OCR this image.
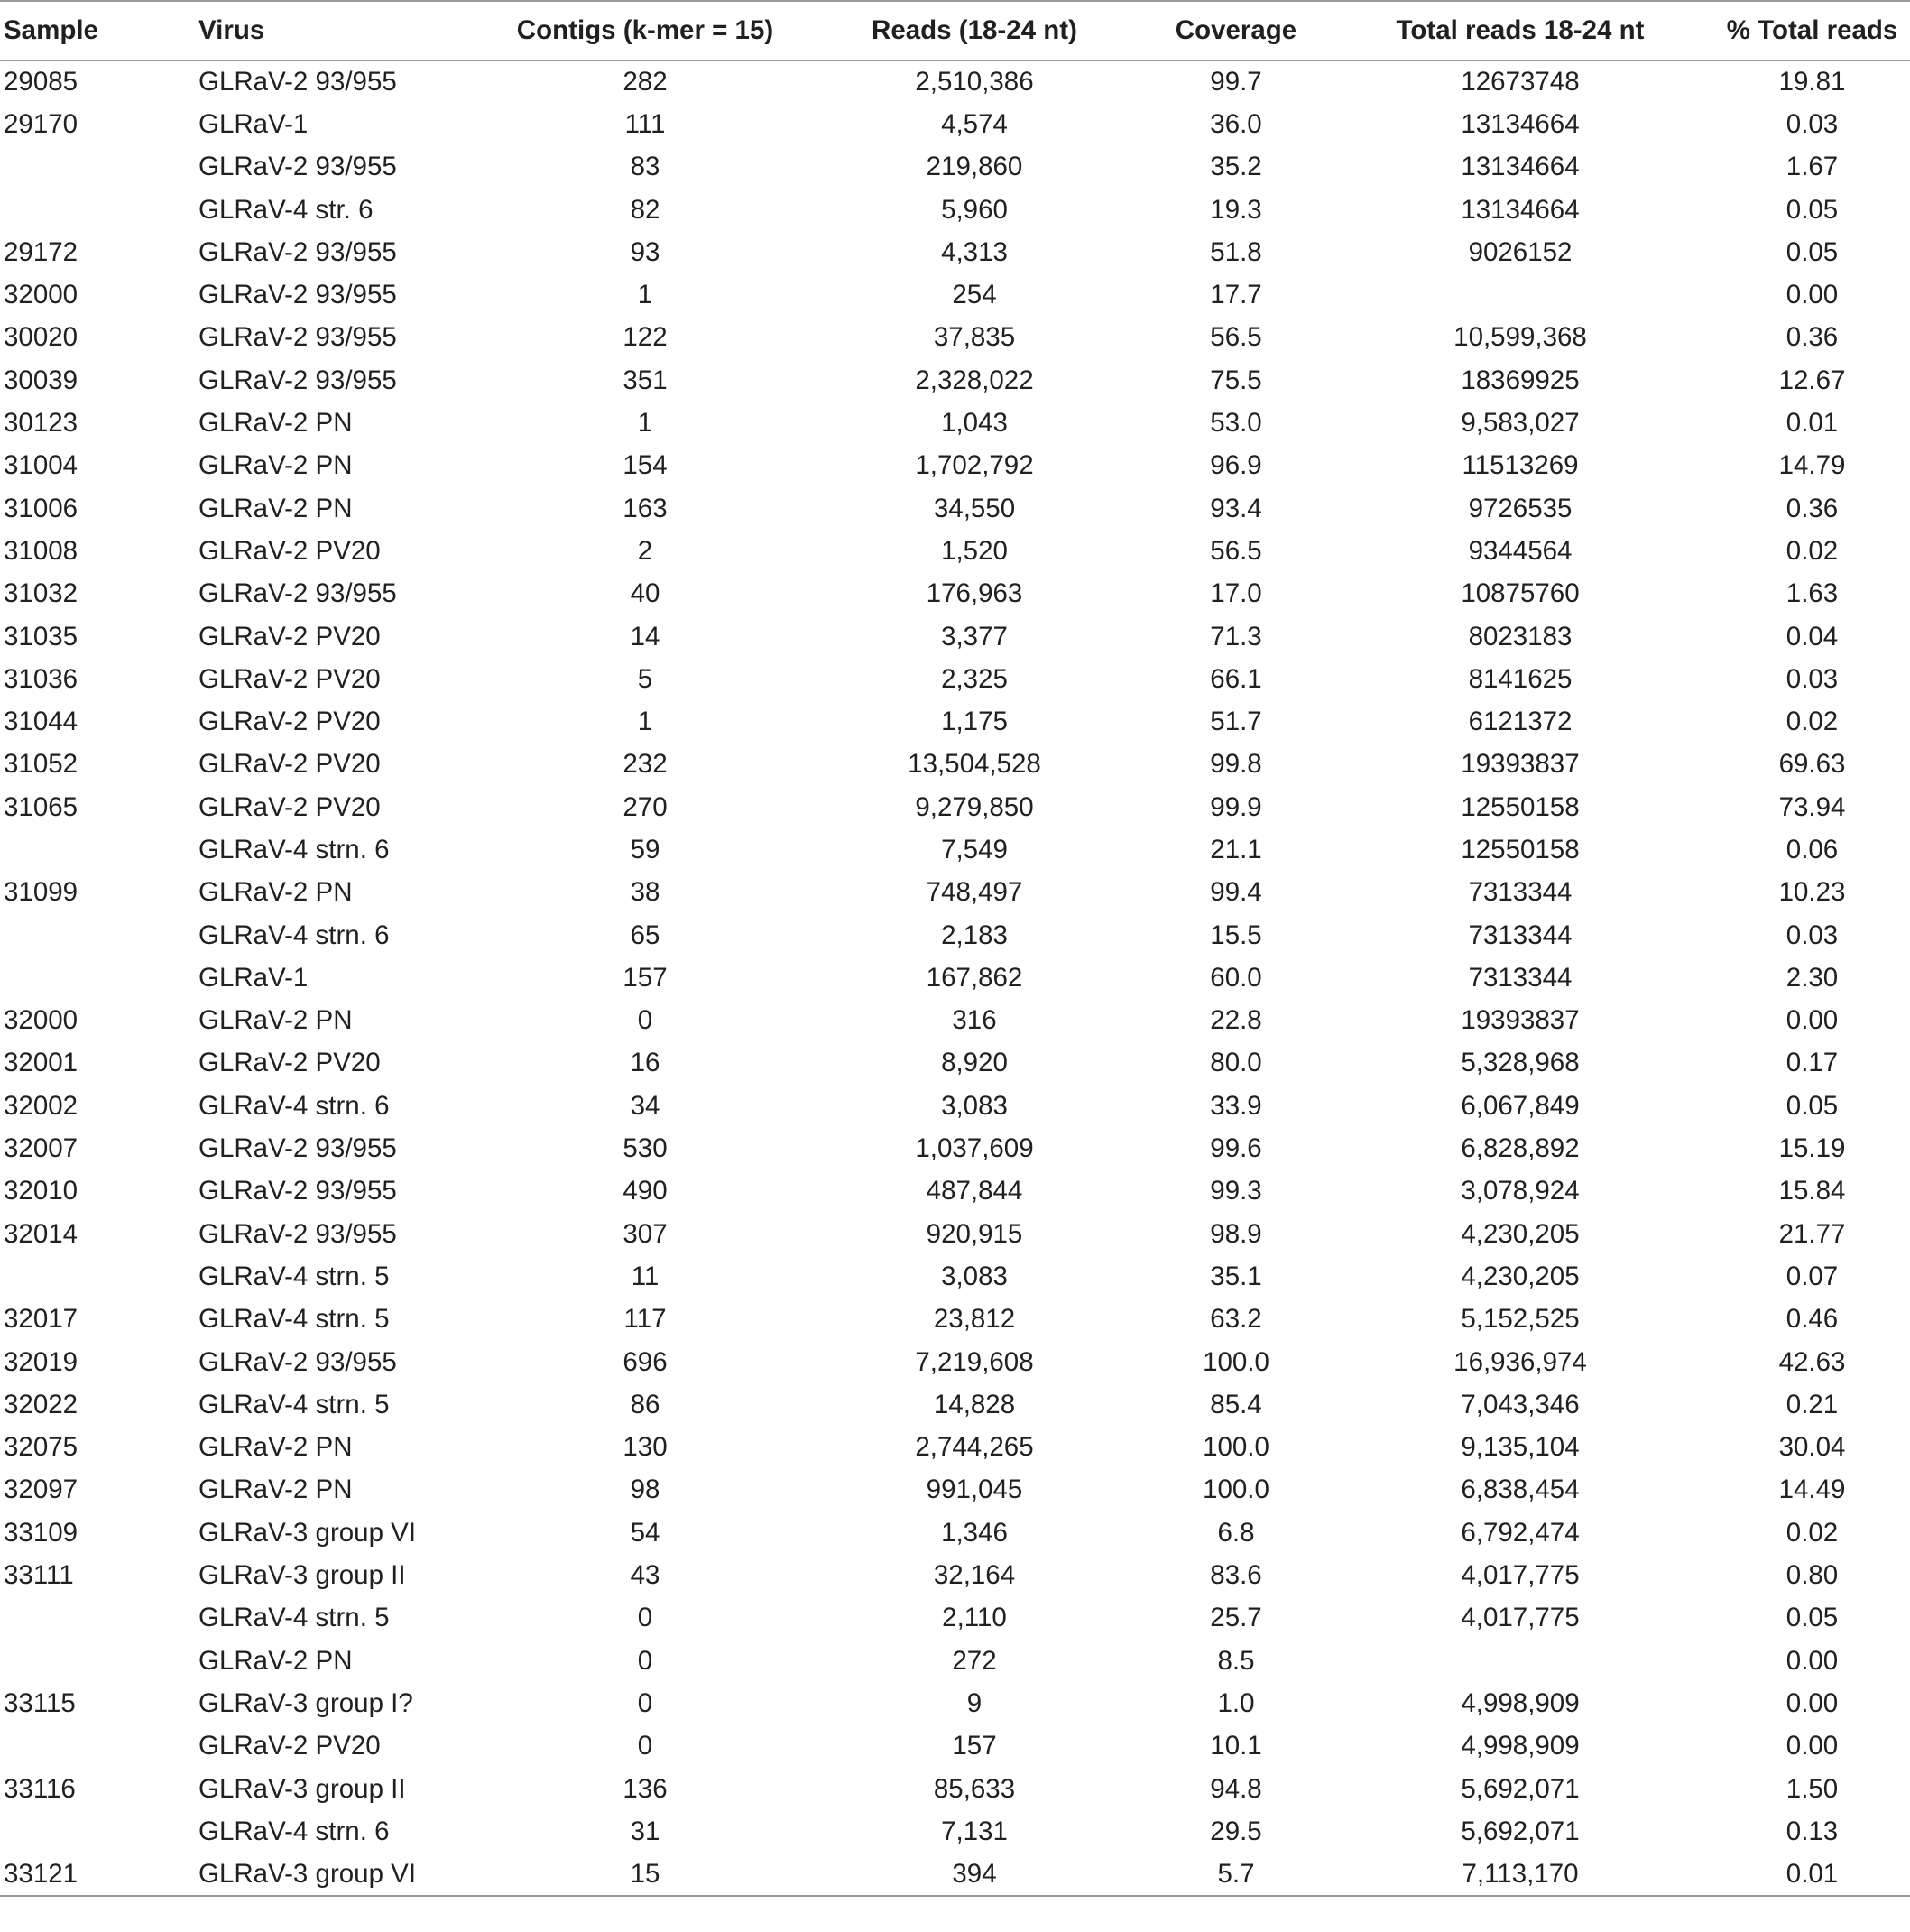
Sample	Virus	Contigs (k-mer = 15)	Reads (18-24 nt)	Coverage	Total reads 18-24 nt	% Total reads
29085	GLRaV-2 93/955	282	2,510,386	99.7	12673748	19.81
29170	GLRaV-1	111	4,574	36.0	13134664	0.03
	GLRaV-2 93/955	83	219,860	35.2	13134664	1.67
	GLRaV-4 str. 6	82	5,960	19.3	13134664	0.05
29172	GLRaV-2 93/955	93	4,313	51.8	9026152	0.05
32000	GLRaV-2 93/955	1	254	17.7		0.00
30020	GLRaV-2 93/955	122	37,835	56.5	10,599,368	0.36
30039	GLRaV-2 93/955	351	2,328,022	75.5	18369925	12.67
30123	GLRaV-2 PN	1	1,043	53.0	9,583,027	0.01
31004	GLRaV-2 PN	154	1,702,792	96.9	11513269	14.79
31006	GLRaV-2 PN	163	34,550	93.4	9726535	0.36
31008	GLRaV-2 PV20	2	1,520	56.5	9344564	0.02
31032	GLRaV-2 93/955	40	176,963	17.0	10875760	1.63
31035	GLRaV-2 PV20	14	3,377	71.3	8023183	0.04
31036	GLRaV-2 PV20	5	2,325	66.1	8141625	0.03
31044	GLRaV-2 PV20	1	1,175	51.7	6121372	0.02
31052	GLRaV-2 PV20	232	13,504,528	99.8	19393837	69.63
31065	GLRaV-2 PV20	270	9,279,850	99.9	12550158	73.94
	GLRaV-4 strn. 6	59	7,549	21.1	12550158	0.06
31099	GLRaV-2 PN	38	748,497	99.4	7313344	10.23
	GLRaV-4 strn. 6	65	2,183	15.5	7313344	0.03
	GLRaV-1	157	167,862	60.0	7313344	2.30
32000	GLRaV-2 PN	0	316	22.8	19393837	0.00
32001	GLRaV-2 PV20	16	8,920	80.0	5,328,968	0.17
32002	GLRaV-4 strn. 6	34	3,083	33.9	6,067,849	0.05
32007	GLRaV-2 93/955	530	1,037,609	99.6	6,828,892	15.19
32010	GLRaV-2 93/955	490	487,844	99.3	3,078,924	15.84
32014	GLRaV-2 93/955	307	920,915	98.9	4,230,205	21.77
	GLRaV-4 strn. 5	11	3,083	35.1	4,230,205	0.07
32017	GLRaV-4 strn. 5	117	23,812	63.2	5,152,525	0.46
32019	GLRaV-2 93/955	696	7,219,608	100.0	16,936,974	42.63
32022	GLRaV-4 strn. 5	86	14,828	85.4	7,043,346	0.21
32075	GLRaV-2 PN	130	2,744,265	100.0	9,135,104	30.04
32097	GLRaV-2 PN	98	991,045	100.0	6,838,454	14.49
33109	GLRaV-3 group VI	54	1,346	6.8	6,792,474	0.02
33111	GLRaV-3 group II	43	32,164	83.6	4,017,775	0.80
	GLRaV-4 strn. 5	0	2,110	25.7	4,017,775	0.05
	GLRaV-2 PN	0	272	8.5		0.00
33115	GLRaV-3 group I?	0	9	1.0	4,998,909	0.00
	GLRaV-2 PV20	0	157	10.1	4,998,909	0.00
33116	GLRaV-3 group II	136	85,633	94.8	5,692,071	1.50
	GLRaV-4 strn. 6	31	7,131	29.5	5,692,071	0.13
33121	GLRaV-3 group VI	15	394	5.7	7,113,170	0.01
